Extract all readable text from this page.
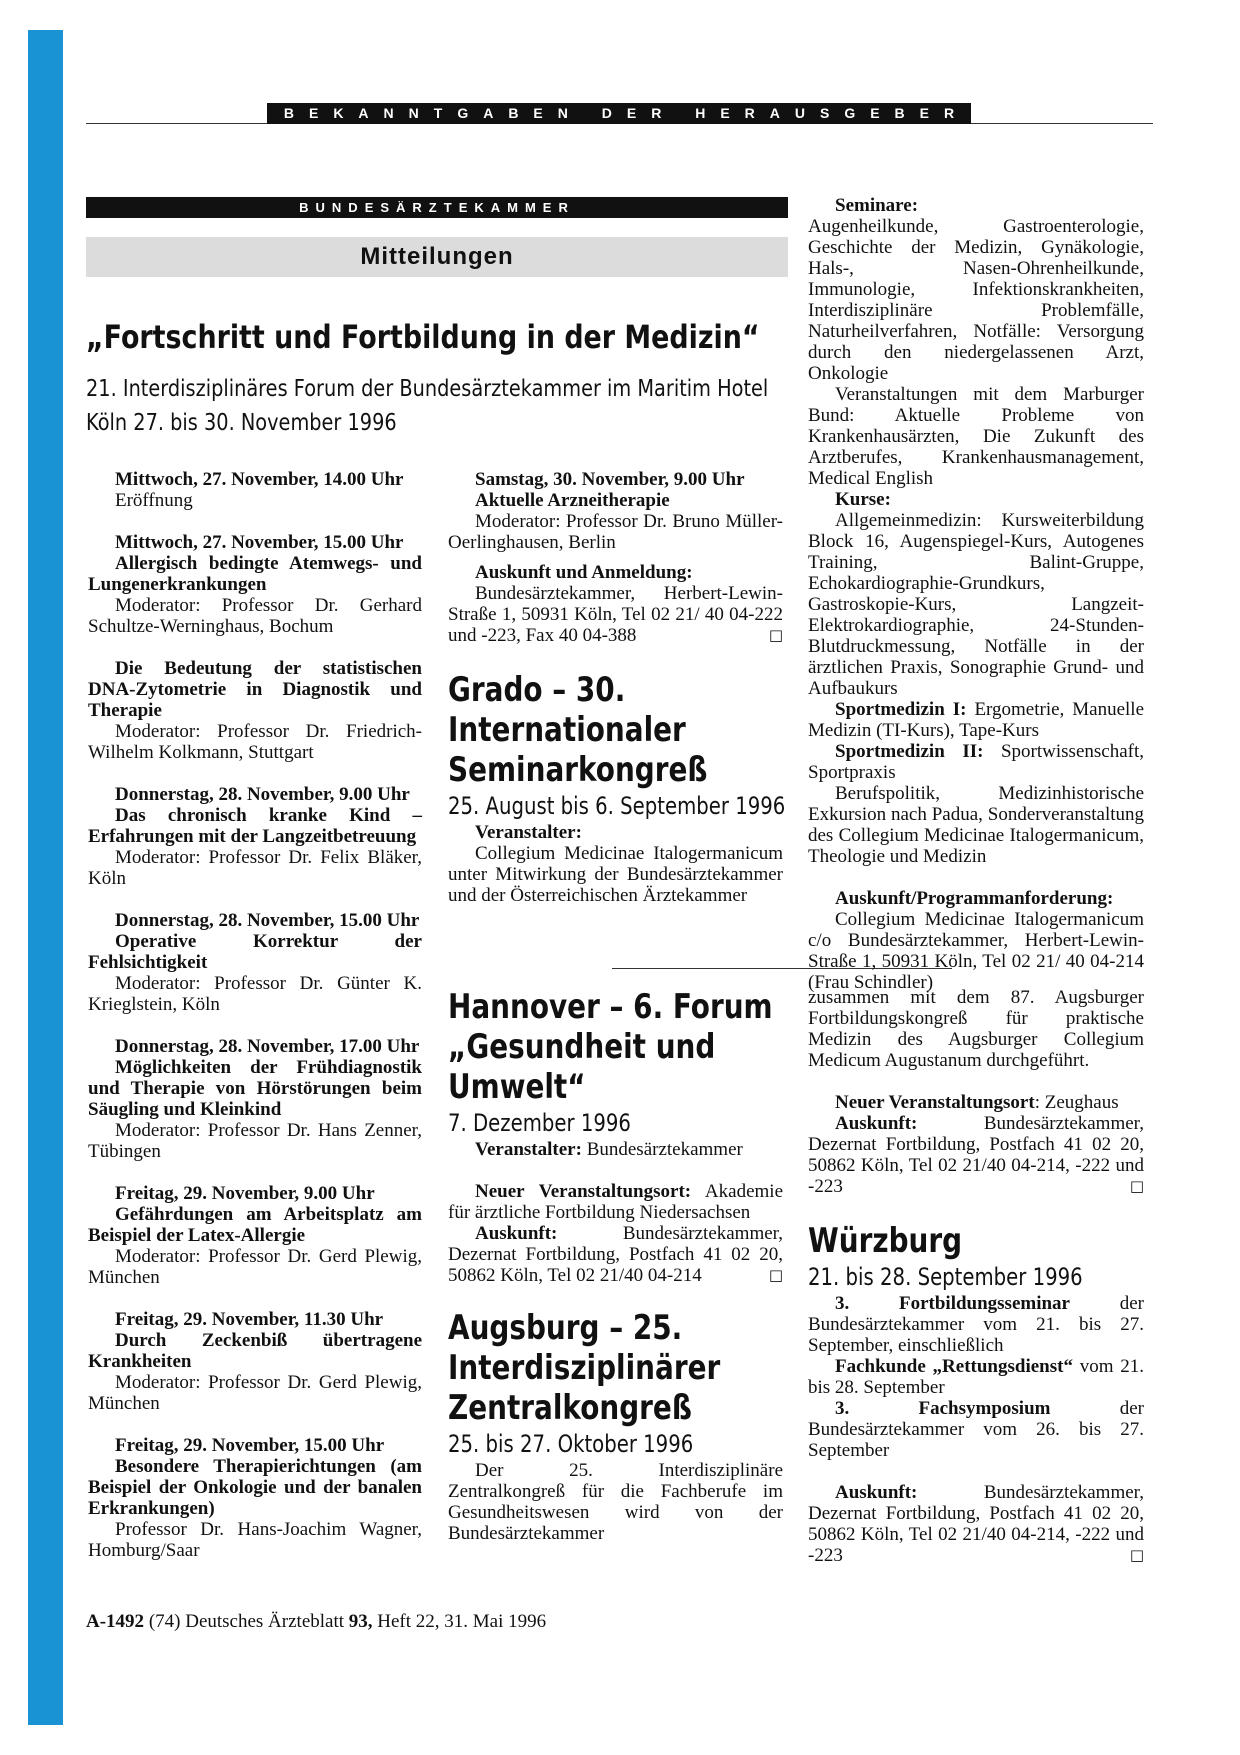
BEKANNTGABEN DER HERAUSGEBER
BUNDESÄRZTEKAMMER
Mitteilungen
„Fortschritt und Fortbildung in der Medizin“

21. Interdisziplinäres Forum der Bundesärztekammer im Maritim Hotel Köln 27. bis 30. November 1996

Mittwoch, 27. November, 14.00 Uhr

Eröffnung

Mittwoch, 27. November, 15.00 Uhr

Allergisch bedingte Atemwegs- und Lungenerkrankungen

Moderator: Professor Dr. Gerhard Schultze-Werninghaus, Bochum

Die Bedeutung der statistischen DNA-Zytometrie in Diagnostik und Therapie

Moderator: Professor Dr. Friedrich-Wilhelm Kolkmann, Stuttgart

Donnerstag, 28. November, 9.00 Uhr

Das chronisch kranke Kind – Erfahrungen mit der Langzeitbetreuung

Moderator: Professor Dr. Felix Bläker, Köln

Donnerstag, 28. November, 15.00 Uhr

Operative Korrektur der Fehlsichtigkeit

Moderator: Professor Dr. Günter K. Krieglstein, Köln

Donnerstag, 28. November, 17.00 Uhr

Möglichkeiten der Frühdiagnostik und Therapie von Hörstörungen beim Säugling und Kleinkind

Moderator: Professor Dr. Hans Zenner, Tübingen

Freitag, 29. November, 9.00 Uhr

Gefährdungen am Arbeitsplatz am Beispiel der Latex-Allergie

Moderator: Professor Dr. Gerd Plewig, München

Freitag, 29. November, 11.30 Uhr

Durch Zeckenbiß übertragene Krankheiten

Moderator: Professor Dr. Gerd Plewig, München

Freitag, 29. November, 15.00 Uhr

Besondere Therapierichtungen (am Beispiel der Onkologie und der banalen Erkrankungen)

Professor Dr. Hans-Joachim Wagner, Homburg/Saar

Samstag, 30. November, 9.00 Uhr

Aktuelle Arzneitherapie

Moderator: Professor Dr. Bruno Müller-Oerlinghausen, Berlin

Auskunft und Anmeldung:

Bundesärztekammer, Herbert-Lewin-Straße 1, 50931 Köln, Tel 02 21/ 40 04-222 und -223, Fax 40 04-388	□

Grado – 30. Internationaler Seminarkongreß

25. August bis 6. September 1996

Veranstalter:

Collegium Medicinae Italogermanicum unter Mitwirkung der Bundesärztekammer und der Österreichischen Ärztekammer

Hannover – 6. Forum „Gesundheit und Umwelt“

7. Dezember 1996

Veranstalter: Bundesärztekammer

Neuer Veranstaltungsort: Akademie für ärztliche Fortbildung Niedersachsen

Auskunft:	Bundesärztekammer, Dezernat Fortbildung, Postfach 41 02 20, 50862 Köln, Tel 02 21/40 04-214	□

Augsburg – 25. Interdisziplinärer Zentralkongreß

25. bis 27. Oktober 1996

Der 25. Interdisziplinäre Zentralkongreß für die Fachberufe im Gesundheitswesen wird von der Bundesärztekammer

Seminare:

Augenheilkunde, Gastroenterologie, Geschichte der Medizin, Gynäkologie, Hals-, Nasen-Ohrenheilkunde, Immunologie, Infektionskrankheiten, Interdisziplinäre Problemfälle, Naturheilverfahren, Notfälle: Versorgung durch den niedergelassenen Arzt, Onkologie

Veranstaltungen mit dem Marburger Bund: Aktuelle Probleme von Krankenhausärzten, Die Zukunft des Arztberufes, Krankenhausmanagement, Medical English

Kurse:

Allgemeinmedizin: Kursweiterbildung Block 16, Augenspiegel-Kurs, Autogenes Training, Balint-Gruppe, Echokardiographie-Grundkurs, Gastroskopie-Kurs, Langzeit-Elektrokardiographie, 24-Stunden-Blutdruckmessung, Notfälle in der ärztlichen Praxis, Sonographie Grund- und Aufbaukurs

Sportmedizin I: Ergometrie, Manuelle Medizin (TI-Kurs), Tape-Kurs

Sportmedizin II: Sportwissenschaft, Sportpraxis

Berufspolitik, Medizinhistorische Exkursion nach Padua, Sonderveranstaltung des Collegium Medicinae Italogermanicum, Theologie und Medizin

Auskunft/Programmanforderung:

Collegium Medicinae Italogermanicum c/o Bundesärztekammer, Herbert-Lewin-Straße 1, 50931 Köln, Tel 02 21/ 40 04-214 (Frau Schindler)

zusammen mit dem 87. Augsburger Fortbildungskongreß für praktische Medizin des Augsburger Collegium Medicum Augustanum durchgeführt.

Neuer Veranstaltungsort: Zeughaus

Auskunft:	Bundesärztekammer, Dezernat Fortbildung, Postfach 41 02 20, 50862 Köln, Tel 02 21/40 04-214, -222 und -223	□

Würzburg

21. bis 28. September 1996

3. Fortbildungsseminar	der Bundesärztekammer vom 21. bis 27. September, einschließlich

Fachkunde „Rettungsdienst“ vom 21. bis 28. September

3. Fachsymposium	der Bundesärztekammer vom 26. bis 27. September

Auskunft:	Bundesärztekammer, Dezernat Fortbildung, Postfach 41 02 20, 50862 Köln, Tel 02 21/40 04-214, -222 und -223	□

A-1492 (74) Deutsches Ärzteblatt 93, Heft 22, 31. Mai 1996
